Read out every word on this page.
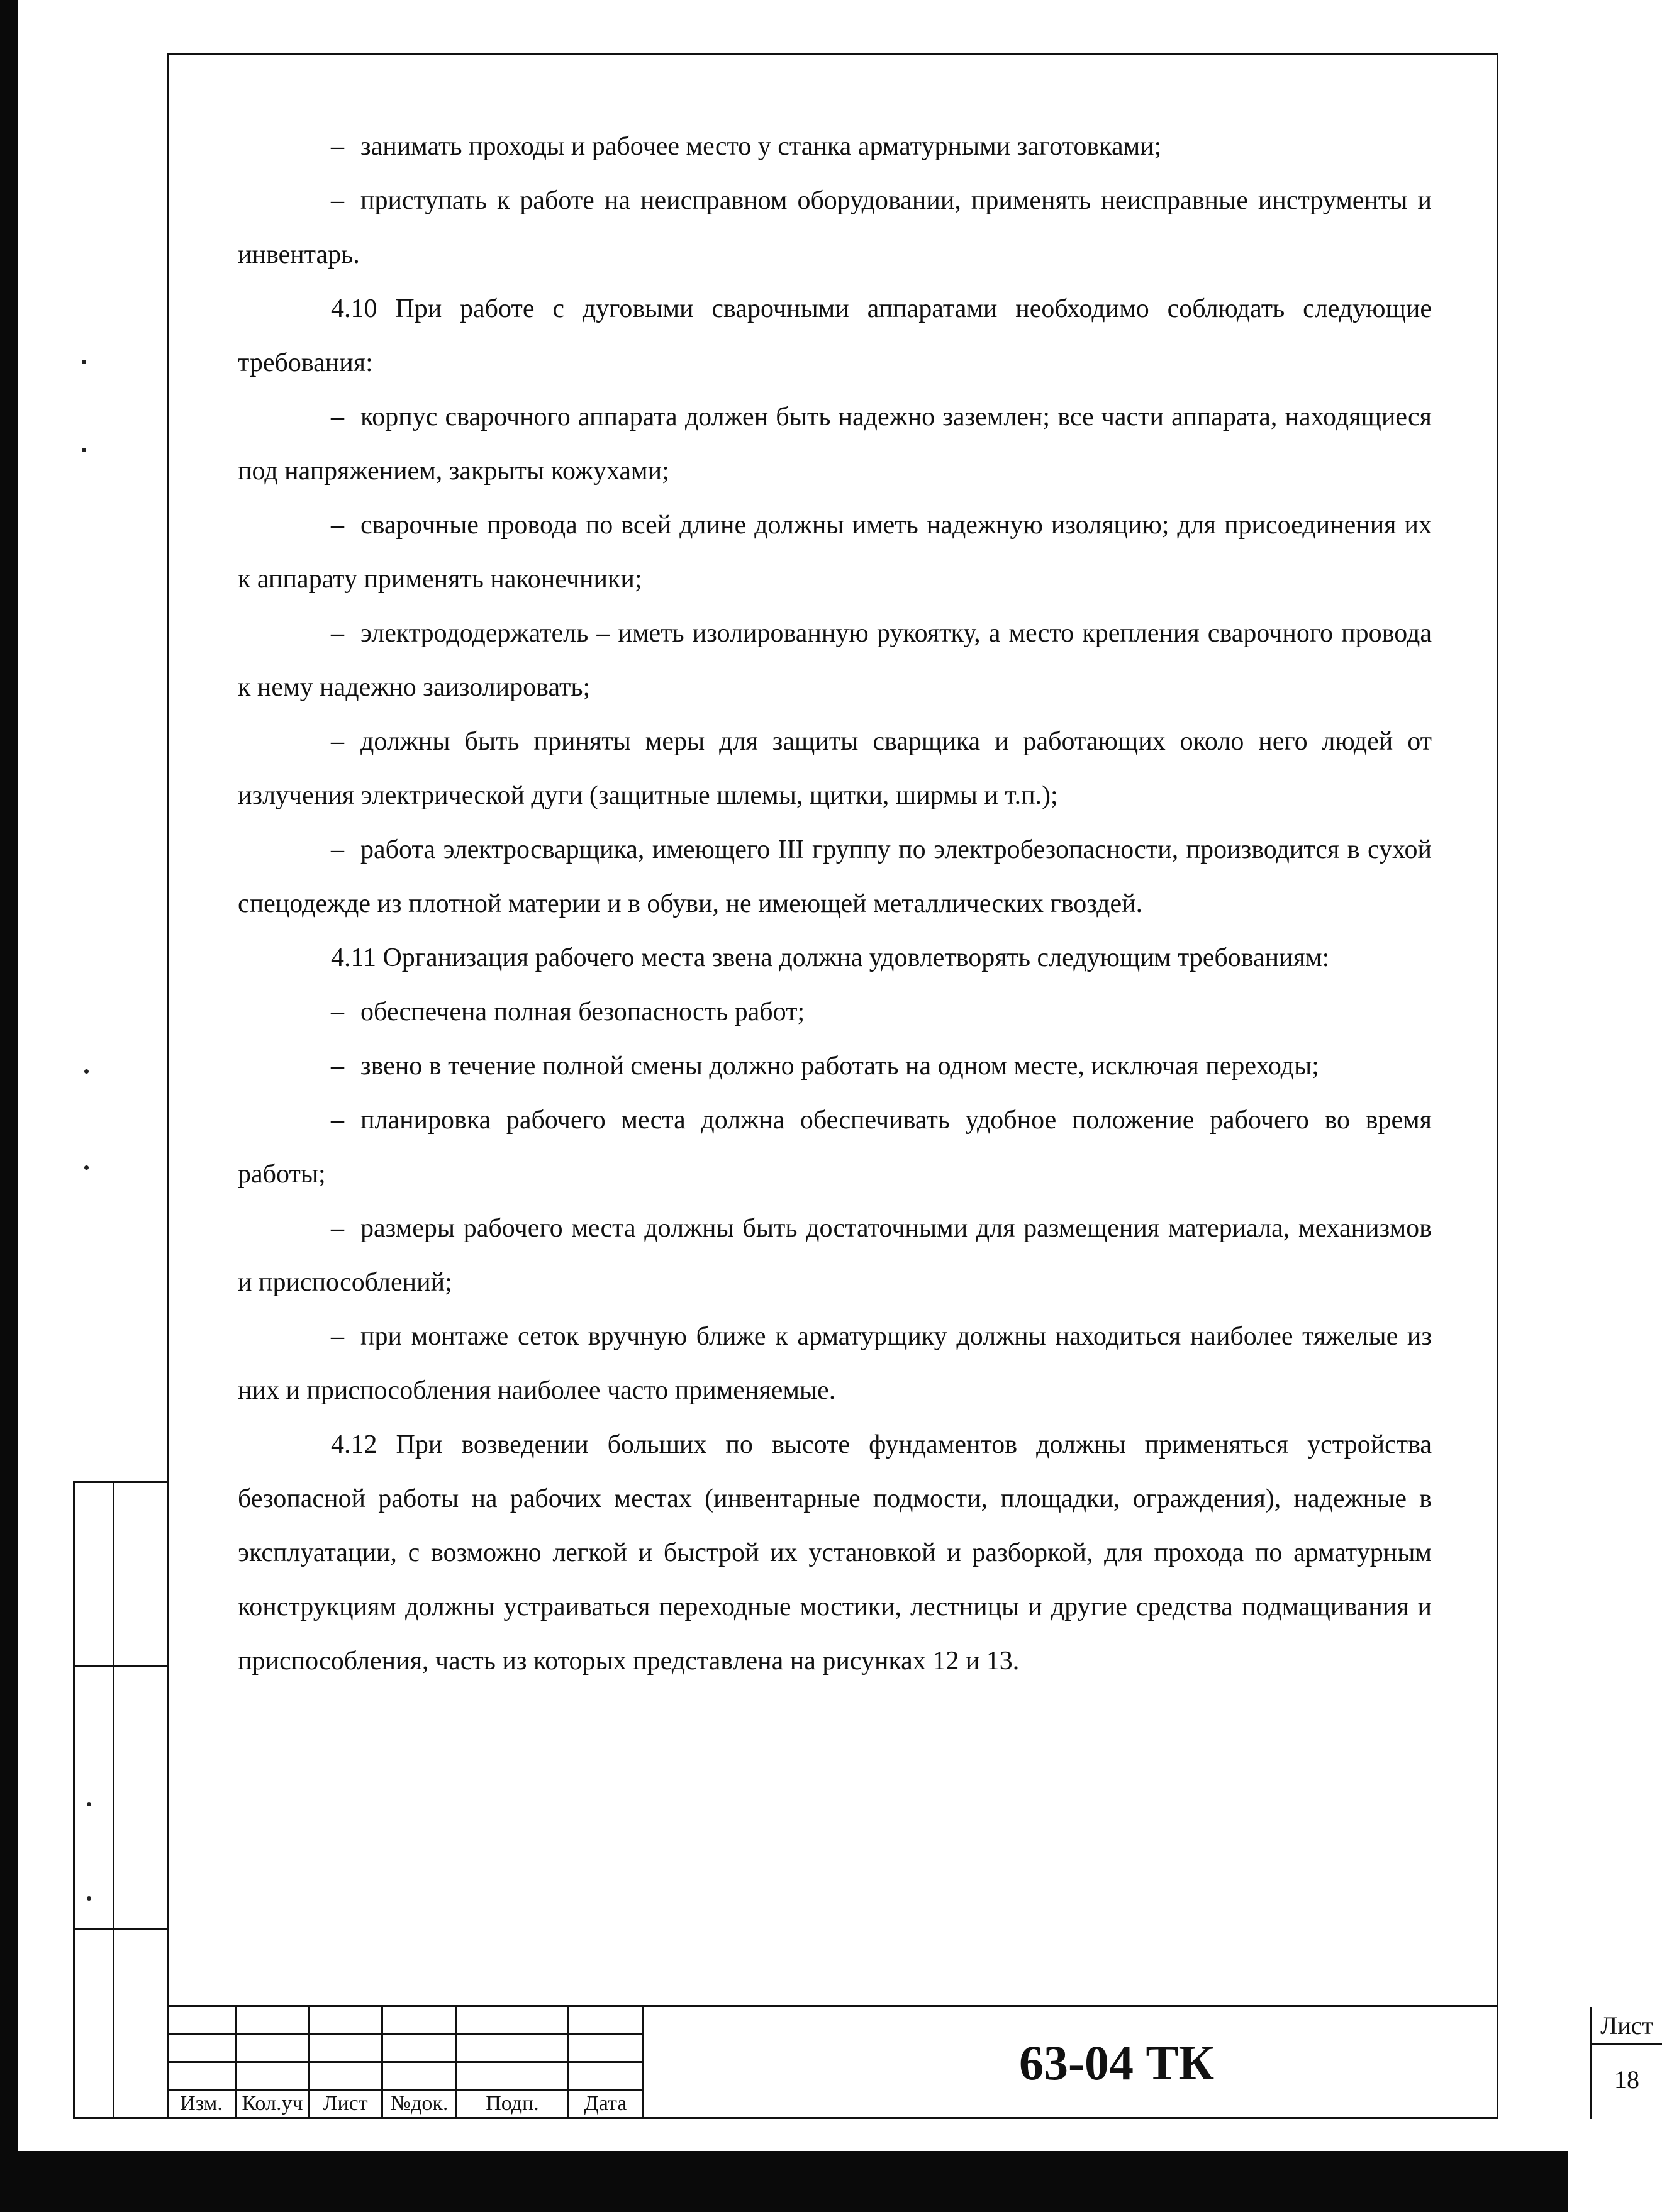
– занимать проходы и рабочее место у станка арматурными заготовками;

– приступать к работе на неисправном оборудовании, применять неисправные инструменты и инвентарь.

4.10 При работе с дуговыми сварочными аппаратами необходимо соблюдать следующие требования:

– корпус сварочного аппарата должен быть надежно заземлен; все части аппарата, находящиеся под напряжением, закрыты кожухами;

– сварочные провода по всей длине должны иметь надежную изоляцию; для присоединения их к аппарату применять наконечники;

– электрододержатель – иметь изолированную рукоятку, а место крепления сварочного провода к нему надежно заизолировать;

– должны быть приняты меры для защиты сварщика и работающих около него людей от излучения электрической дуги (защитные шлемы, щитки, ширмы и т.п.);

– работа электросварщика, имеющего III группу по электробезопасности, производится в сухой спецодежде из плотной материи и в обуви, не имеющей металлических гвоздей.

4.11 Организация рабочего места звена должна удовлетворять следующим требованиям:

– обеспечена полная безопасность работ;

– звено в течение полной смены должно работать на одном месте, исключая переходы;

– планировка рабочего места должна обеспечивать удобное положение рабочего во время работы;

– размеры рабочего места должны быть достаточными для размещения материала, механизмов и приспособлений;

– при монтаже сеток вручную ближе к арматурщику должны находиться наиболее тяжелые из них и приспособления наиболее часто применяемые.

4.12 При возведении больших по высоте фундаментов должны применяться устройства безопасной работы на рабочих местах (инвентарные подмости, площадки, ограждения), надежные в эксплуатации, с возможно легкой и быстрой их установкой и разборкой, для прохода по арматурным конструкциям должны устраиваться переходные мостики, лестницы и другие средства подмащивания и приспособления, часть из которых представлена на рисунках 12 и 13.

Изм. Кол.уч Лист	№док.	Подп.	Дата
63-04 ТК
Лист
18
